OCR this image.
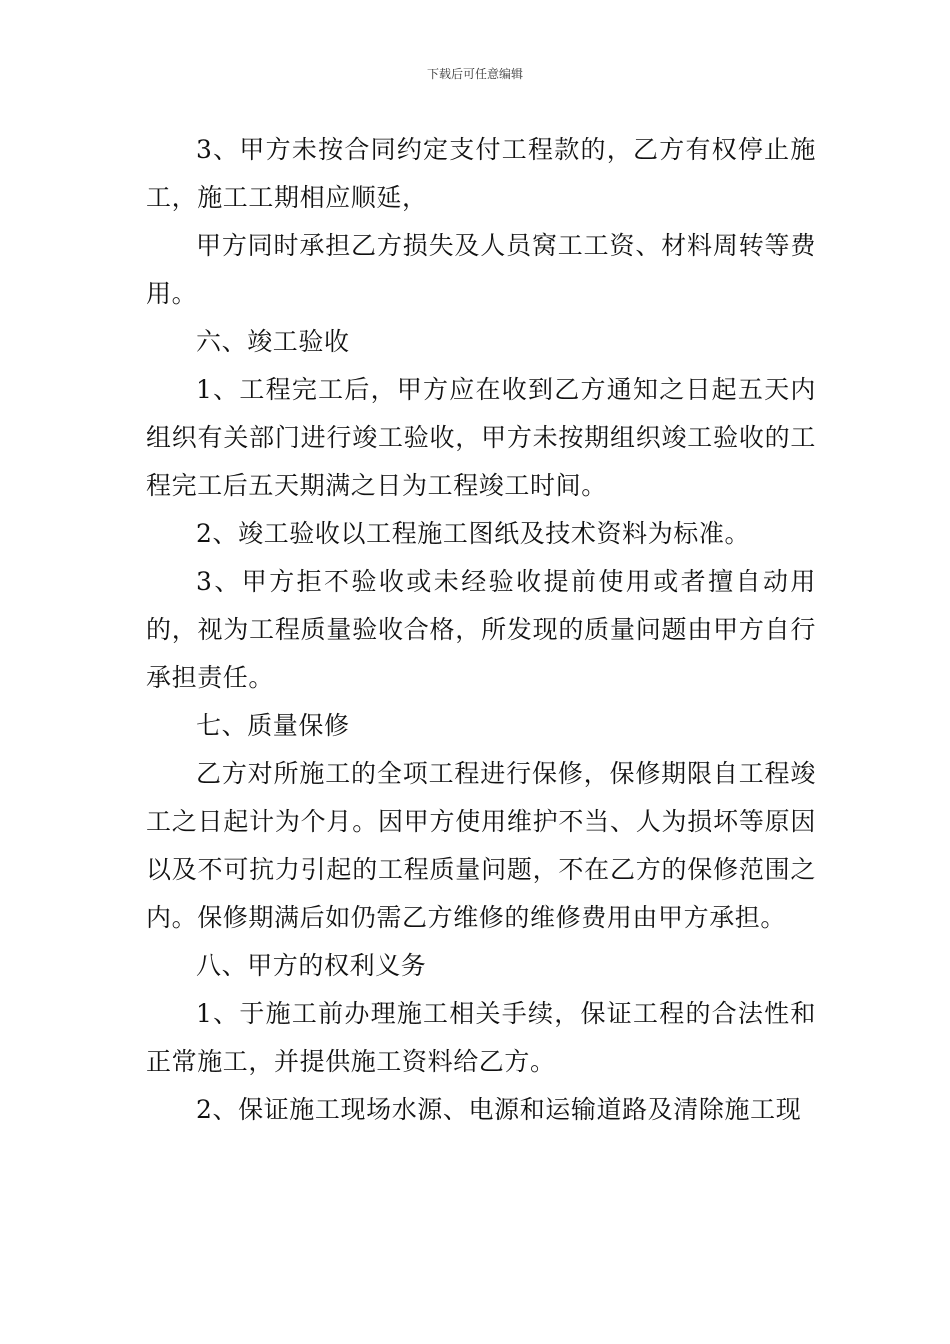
下载后可任意编辑

3、甲方未按合同约定支付工程款的，乙方有权停止施工，施工工期相应顺延，

甲方同时承担乙方损失及人员窝工工资、材料周转等费用。

六、竣工验收

1、工程完工后，甲方应在收到乙方通知之日起五天内组织有关部门进行竣工验收，甲方未按期组织竣工验收的工程完工后五天期满之日为工程竣工时间。

2、竣工验收以工程施工图纸及技术资料为标准。

3、甲方拒不验收或未经验收提前使用或者擅自动用的，视为工程质量验收合格，所发现的质量问题由甲方自行承担责任。

七、质量保修

乙方对所施工的全项工程进行保修，保修期限自工程竣工之日起计为个月。因甲方使用维护不当、人为损坏等原因以及不可抗力引起的工程质量问题，不在乙方的保修范围之内。保修期满后如仍需乙方维修的维修费用由甲方承担。

八、甲方的权利义务

1、于施工前办理施工相关手续，保证工程的合法性和正常施工，并提供施工资料给乙方。

2、保证施工现场水源、电源和运输道路及清除施工现
